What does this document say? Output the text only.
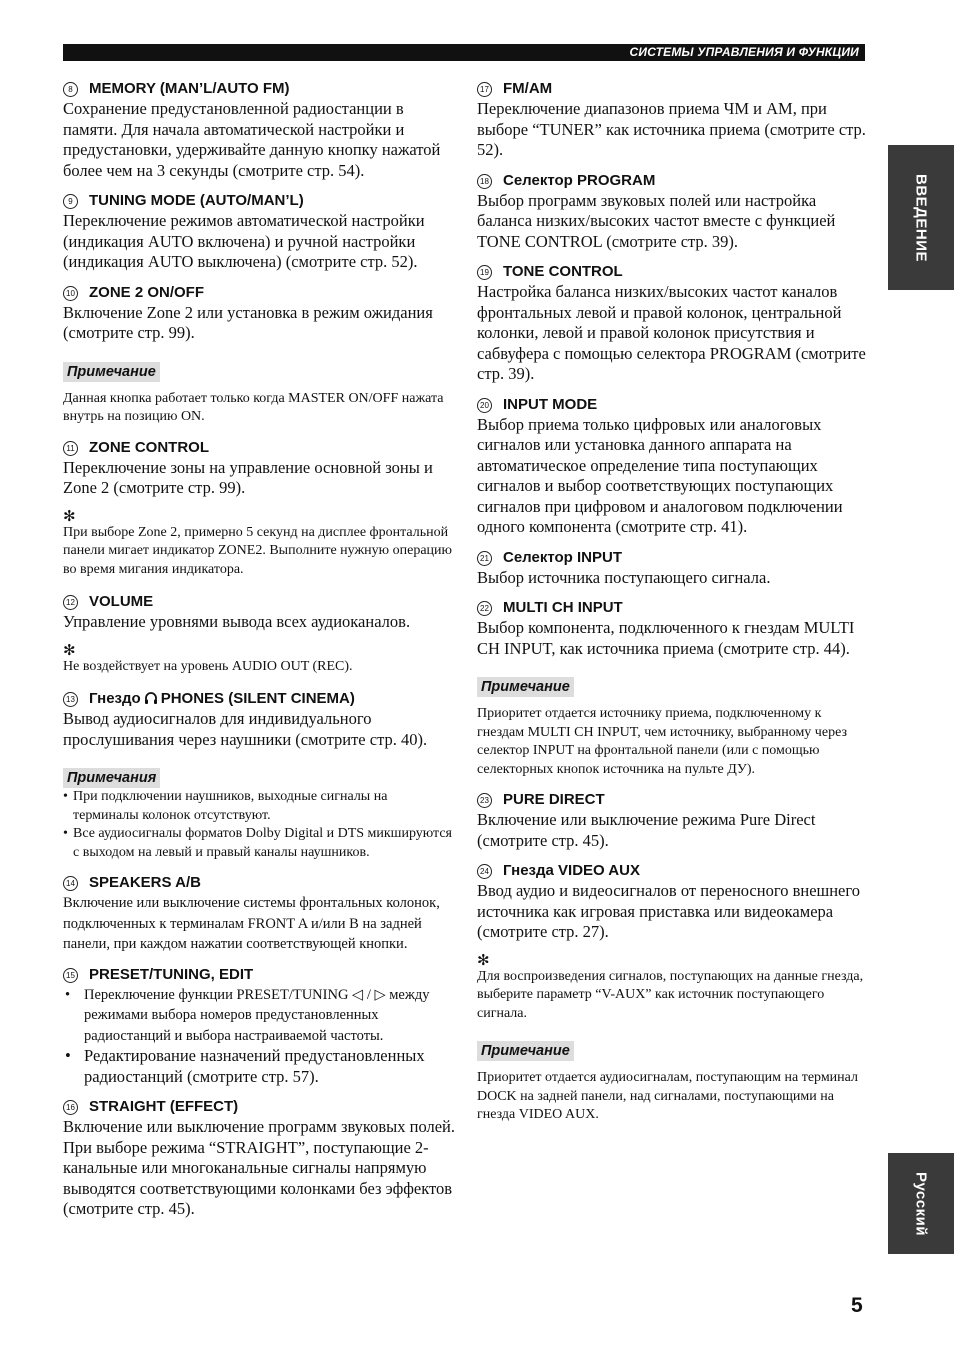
СИСТЕМЫ УПРАВЛЕНИЯ И ФУНКЦИИ
ВВЕДЕНИЕ
Русский
8 MEMORY (MAN’L/AUTO FM)

Сохранение предустановленной радиостанции в памяти. Для начала автоматической настройки и предустановки, удерживайте данную кнопку нажатой более чем на 3 секунды (смотрите стр. 54).

9 TUNING MODE (AUTO/MAN’L)

Переключение режимов автоматической настройки (индикация AUTO включена) и ручной настройки (индикация AUTO выключена) (смотрите стр. 52).

10 ZONE 2 ON/OFF

Включение Zone 2 или установка в режим ожидания (смотрите стр. 99).

Примечание
Данная кнопка работает только когда MASTER ON/OFF нажата внутрь на позицию ON.
11 ZONE CONTROL

Переключение зоны на управление основной зоны и Zone 2 (смотрите стр. 99).

✻
При выборе Zone 2, примерно 5 секунд на дисплее фронтальной панели мигает индикатор ZONE2. Выполните нужную операцию во время мигания индикатора.
12 VOLUME

Управление уровнями вывода всех аудиоканалов.

✻
Не воздействует на уровень AUDIO OUT (REC).
13 Гнездо PHONES (SILENT CINEMA)

Вывод аудиосигналов для индивидуального прослушивания через наушники (смотрите стр. 40).

Примечания
• При подключении наушников, выходные сигналы на терминалы колонок отсутствуют.
• Все аудиосигналы форматов Dolby Digital и DTS микшируются с выходом на левый и правый каналы наушников.
14 SPEAKERS A/B

Включение или выключение системы фронтальных колонок, подключенных к терминалам FRONT A и/или B на задней панели, при каждом нажатии соответствующей кнопки.

15 PRESET/TUNING, EDIT
• Переключение функции PRESET/TUNING ◁ / ▷ между режимами выбора номеров предустановленных радиостанций и выбора настраиваемой частоты.
• Редактирование назначений предустановленных радиостанций (смотрите стр. 57).
16 STRAIGHT (EFFECT)

Включение или выключение программ звуковых полей. При выборе режима “STRAIGHT”, поступающие 2-канальные или многоканальные сигналы напрямую выводятся соответствующими колонками без эффектов (смотрите стр. 45).

17 FM/AM

Переключение диапазонов приема ЧМ и АМ, при выборе “TUNER” как источника приема (смотрите стр. 52).

18 Селектор PROGRAM

Выбор программ звуковых полей или настройка баланса низких/высоких частот вместе с функцией TONE CONTROL (смотрите стр. 39).

19 TONE CONTROL

Настройка баланса низких/высоких частот каналов фронтальных левой и правой колонок, центральной колонки, левой и правой колонок присутствия и сабвуфера с помощью селектора PROGRAM (смотрите стр. 39).

20 INPUT MODE

Выбор приема только цифровых или аналоговых сигналов или установка данного аппарата на автоматическое определение типа поступающих сигналов и выбор соответствующих поступающих сигналов при цифровом и аналоговом подключении одного компонента (смотрите стр. 41).

21 Селектор INPUT

Выбор источника поступающего сигнала.

22 MULTI CH INPUT

Выбор компонента, подключенного к гнездам MULTI CH INPUT, как источника приема (смотрите стр. 44).

Примечание
Приоритет отдается источнику приема, подключенному к гнездам MULTI CH INPUT, чем источнику, выбранному через селектор INPUT на фронтальной панели (или с помощью селекторных кнопок источника на пульте ДУ).
23 PURE DIRECT

Включение или выключение режима Pure Direct (смотрите стр. 45).

24 Гнезда VIDEO AUX

Ввод аудио и видеосигналов от переносного внешнего источника как игровая приставка или видеокамера (смотрите стр. 27).

✻
Для воспроизведения сигналов, поступающих на данные гнезда, выберите параметр “V-AUX” как источник поступающего сигнала.
Примечание
Приоритет отдается аудиосигналам, поступающим на терминал DOCK на задней панели, над сигналами, поступающими на гнезда VIDEO AUX.
5
